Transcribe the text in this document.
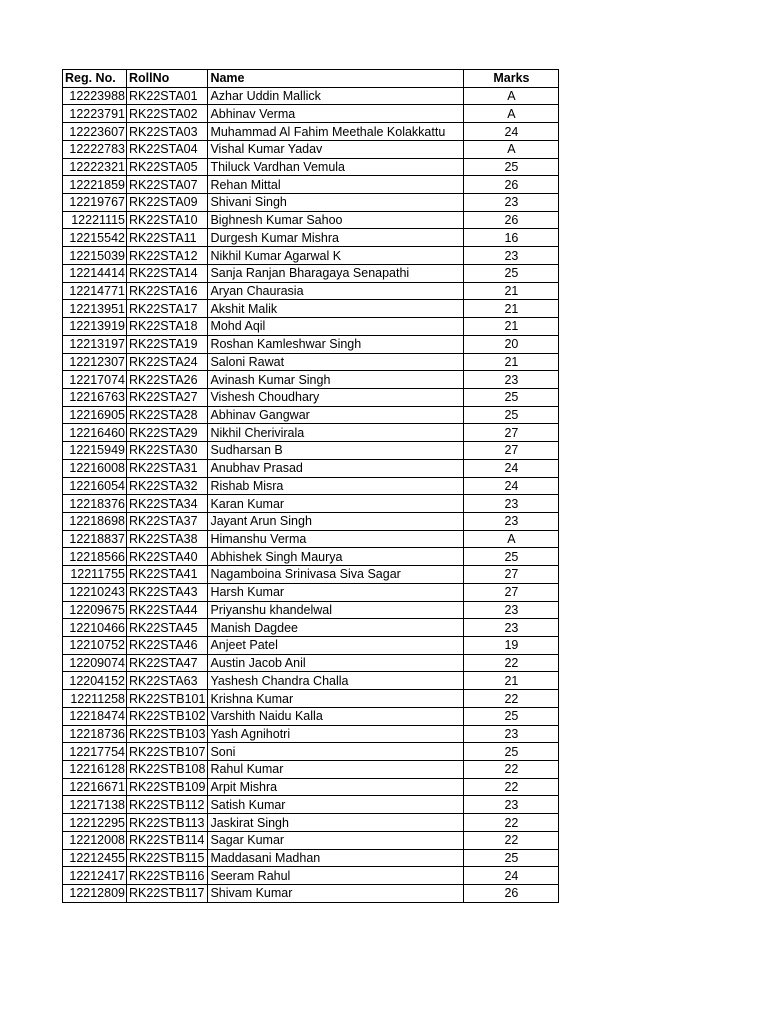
Reg. No.	RollNo	Name	Marks
12223988	RK22STA01	Azhar Uddin Mallick	A
12223791	RK22STA02	Abhinav Verma	A
12223607	RK22STA03	Muhammad Al Fahim Meethale Kolakkattu	24
12222783	RK22STA04	Vishal Kumar Yadav	A
12222321	RK22STA05	Thiluck Vardhan Vemula	25
12221859	RK22STA07	Rehan Mittal	26
12219767	RK22STA09	Shivani Singh	23
12221115	RK22STA10	Bighnesh Kumar Sahoo	26
12215542	RK22STA11	Durgesh Kumar Mishra	16
12215039	RK22STA12	Nikhil Kumar Agarwal K	23
12214414	RK22STA14	Sanja Ranjan Bharagaya Senapathi	25
12214771	RK22STA16	Aryan Chaurasia	21
12213951	RK22STA17	Akshit Malik	21
12213919	RK22STA18	Mohd Aqil	21
12213197	RK22STA19	Roshan Kamleshwar Singh	20
12212307	RK22STA24	Saloni Rawat	21
12217074	RK22STA26	Avinash Kumar Singh	23
12216763	RK22STA27	Vishesh Choudhary	25
12216905	RK22STA28	Abhinav Gangwar	25
12216460	RK22STA29	Nikhil Cherivirala	27
12215949	RK22STA30	Sudharsan B	27
12216008	RK22STA31	Anubhav Prasad	24
12216054	RK22STA32	Rishab Misra	24
12218376	RK22STA34	Karan Kumar	23
12218698	RK22STA37	Jayant Arun Singh	23
12218837	RK22STA38	Himanshu Verma	A
12218566	RK22STA40	Abhishek Singh Maurya	25
12211755	RK22STA41	Nagamboina Srinivasa Siva Sagar	27
12210243	RK22STA43	Harsh Kumar	27
12209675	RK22STA44	Priyanshu khandelwal	23
12210466	RK22STA45	Manish Dagdee	23
12210752	RK22STA46	Anjeet Patel	19
12209074	RK22STA47	Austin Jacob Anil	22
12204152	RK22STA63	Yashesh Chandra Challa	21
12211258	RK22STB101	Krishna Kumar	22
12218474	RK22STB102	Varshith Naidu Kalla	25
12218736	RK22STB103	Yash Agnihotri	23
12217754	RK22STB107	Soni	25
12216128	RK22STB108	Rahul Kumar	22
12216671	RK22STB109	Arpit Mishra	22
12217138	RK22STB112	Satish Kumar	23
12212295	RK22STB113	Jaskirat Singh	22
12212008	RK22STB114	Sagar Kumar	22
12212455	RK22STB115	Maddasani Madhan	25
12212417	RK22STB116	Seeram Rahul	24
12212809	RK22STB117	Shivam Kumar	26
